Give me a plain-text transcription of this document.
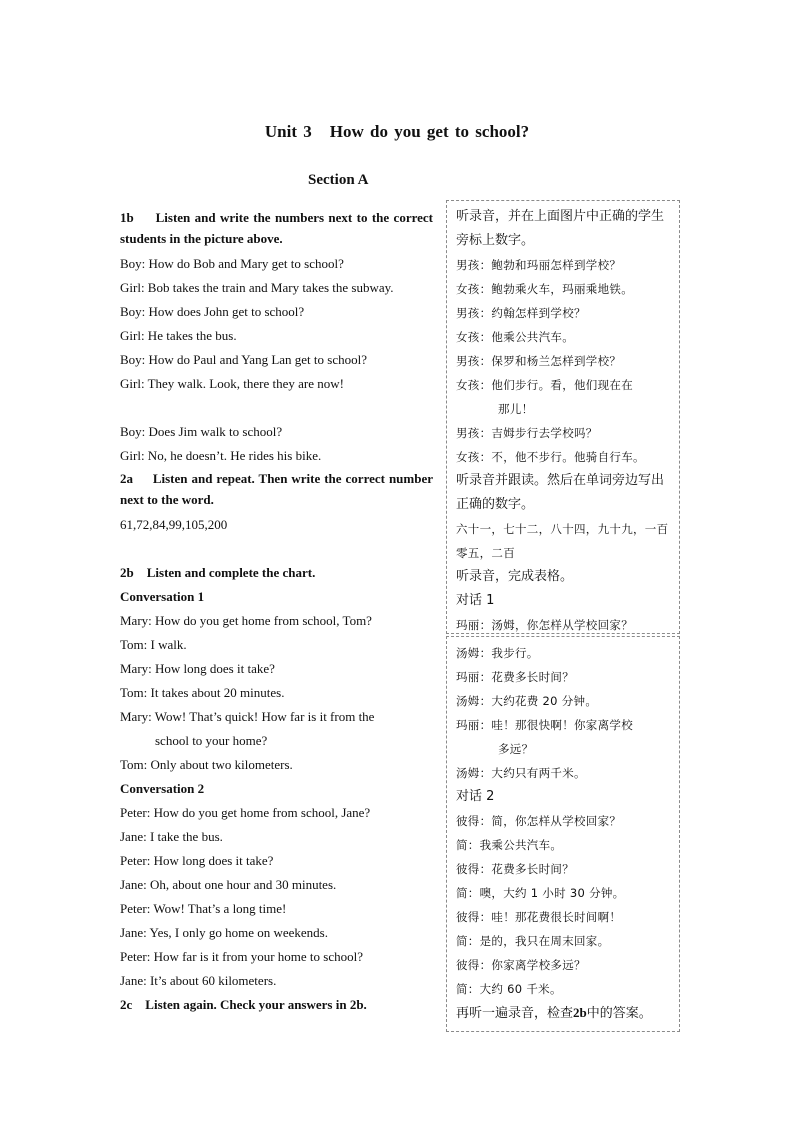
Unit 3 How do you get to school?
Section A
1b Listen and write the numbers next to the correct students in the picture above.
Boy: How do Bob and Mary get to school?
Girl: Bob takes the train and Mary takes the subway.
Boy: How does John get to school?
Girl: He takes the bus.
Boy: How do Paul and Yang Lan get to school?
Girl: They walk. Look, there they are now!
Boy: Does Jim walk to school?
Girl: No, he doesn’t. He rides his bike.
2a Listen and repeat. Then write the correct number next to the word.
61,72,84,99,105,200
2b Listen and complete the chart.
Conversation 1
Mary: How do you get home from school, Tom?
Tom: I walk.
Mary: How long does it take?
Tom: It takes about 20 minutes.
Mary: Wow! That’s quick! How far is it from the
school to your home?
Tom: Only about two kilometers.
Conversation 2
Peter: How do you get home from school, Jane?
Jane: I take the bus.
Peter: How long does it take?
Jane: Oh, about one hour and 30 minutes.
Peter: Wow! That’s a long time!
Jane: Yes, I only go home on weekends.
Peter: How far is it from your home to school?
Jane: It’s about 60 kilometers.
2c Listen again. Check your answers in 2b.
听录音，并在上面图片中正确的学生旁标上数字。
男孩：鲍勃和玛丽怎样到学校？
女孩：鲍勃乘火车，玛丽乘地铁。
男孩：约翰怎样到学校？
女孩：他乘公共汽车。
男孩：保罗和杨兰怎样到学校？
女孩：他们步行。看，他们现在在
那儿！
男孩：吉姆步行去学校吗？
女孩：不，他不步行。他骑自行车。
听录音并跟读。然后在单词旁边写出正确的数字。
六十一，七十二，八十四，九十九，一百零五，二百
听录音，完成表格。
对话 1
玛丽：汤姆，你怎样从学校回家？
汤姆：我步行。
玛丽：花费多长时间？
汤姆：大约花费 20 分钟。
玛丽：哇！那很快啊！你家离学校
多远？
汤姆：大约只有两千米。
对话 2
彼得：简，你怎样从学校回家？
简：我乘公共汽车。
彼得：花费多长时间？
简：噢，大约 1 小时 30 分钟。
彼得：哇！那花费很长时间啊！
简：是的，我只在周末回家。
彼得：你家离学校多远？
简：大约 60 千米。
再听一遍录音，检查2b中的答案。
